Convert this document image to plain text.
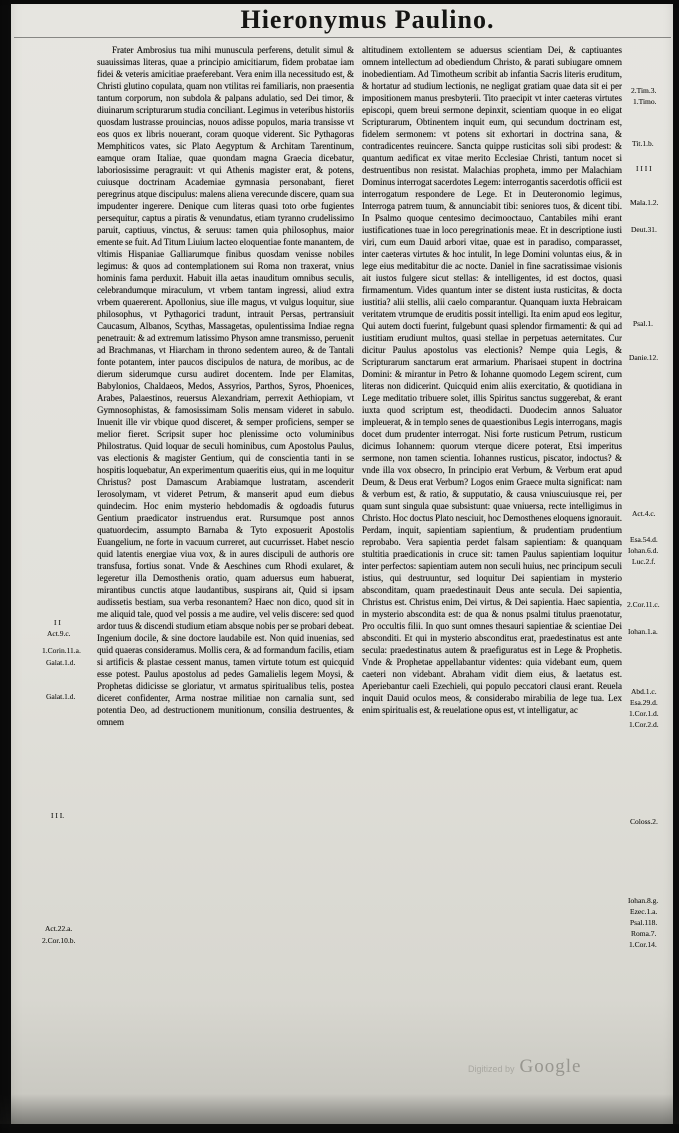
Hieronymus Paulino.
Frater Ambrosius tua mihi munuscula perferens, detulit simul & suauissimas literas, quae a principio amicitiarum, fidem probatae iam fidei & veteris amicitiae praeferebant. Vera enim illa necessitudo est, & Christi glutino copulata, quam non vtilitas rei familiaris, non praesentia tantum corporum, non subdola & palpans adulatio, sed Dei timor, & diuinarum scripturarum studia conciliant. Legimus in veteribus historiis quosdam lustrasse prouincias, nouos adisse populos, maria transisse vt eos quos ex libris nouerant, coram quoque viderent. Sic Pythagoras Memphiticos vates, sic Plato Aegyptum & Architam Tarentinum, eamque oram Italiae, quae quondam magna Graecia dicebatur, laboriosissime peragrauit: vt qui Athenis magister erat, & potens, cuiusque doctrinam Academiae gymnasia personabant, fieret peregrinus atque discipulus: malens aliena verecunde discere, quam sua impudenter ingerere. Denique cum literas quasi toto orbe fugientes persequitur, captus a piratis & venundatus, etiam tyranno crudelissimo paruit, captiuus, vinctus, & seruus: tamen quia philosophus, maior emente se fuit. Ad Titum Liuium lacteo eloquentiae fonte manantem, de vltimis Hispaniae Galliarumque finibus quosdam venisse nobiles legimus: & quos ad contemplationem sui Roma non traxerat, vnius hominis fama perduxit. Habuit illa aetas inauditum omnibus seculis, celebrandumque miraculum, vt vrbem tantam ingressi, aliud extra vrbem quaererent. Apollonius, siue ille magus, vt vulgus loquitur, siue philosophus, vt Pythagorici tradunt, intrauit Persas, pertransiuit Caucasum, Albanos, Scythas, Massagetas, opulentissima Indiae regna penetrauit: & ad extremum latissimo Physon amne transmisso, peruenit ad Brachmanas, vt Hiarcham in throno sedentem aureo, & de Tantali fonte potantem, inter paucos discipulos de natura, de moribus, ac de dierum siderumque cursu audiret docentem. Inde per Elamitas, Babylonios, Chaldaeos, Medos, Assyrios, Parthos, Syros, Phoenices, Arabes, Palaestinos, reuersus Alexandriam, perrexit Aethiopiam, vt Gymnosophistas, & famosissimam Solis mensam videret in sabulo. Inuenit ille vir vbique quod disceret, & semper proficiens, semper se melior fieret. Scripsit super hoc plenissime octo voluminibus Philostratus. Quid loquar de seculi hominibus, cum Apostolus Paulus, vas electionis & magister Gentium, qui de conscientia tanti in se hospitis loquebatur, An experimentum quaeritis eius, qui in me loquitur Christus? post Damascum Arabiamque lustratam, ascenderit Ierosolymam, vt videret Petrum, & manserit apud eum diebus quindecim. Hoc enim mysterio hebdomadis & ogdoadis futurus Gentium praedicator instruendus erat. Rursumque post annos quatuordecim, assumpto Barnaba & Tyto exposuerit Apostolis Euangelium, ne forte in vacuum curreret, aut cucurrisset. Habet nescio quid latentis energiae viua vox, & in aures discipuli de authoris ore transfusa, fortius sonat. Vnde & Aeschines cum Rhodi exularet, & legeretur illa Demosthenis oratio, quam aduersus eum habuerat, mirantibus cunctis atque laudantibus, suspirans ait, Quid si ipsam audissetis bestiam, sua verba resonantem? Haec non dico, quod sit in me aliquid tale, quod vel possis a me audire, vel velis discere: sed quod ardor tuus & discendi studium etiam absque nobis per se probari debeat. Ingenium docile, & sine doctore laudabile est. Non quid inuenias, sed quid quaeras consideramus. Mollis cera, & ad formandum facilis, etiam si artificis & plastae cessent manus, tamen virtute totum est quicquid esse potest. Paulus apostolus ad pedes Gamalielis legem Moysi, & Prophetas didicisse se gloriatur, vt armatus spiritualibus telis, postea diceret confidenter, Arma nostrae militiae non carnalia sunt, sed potentia Deo, ad destructionem munitionum, consilia destruentes, & omnem
altitudinem extollentem se aduersus scientiam Dei, & captiuantes omnem intellectum ad obediendum Christo, & parati subiugare omnem inobedientiam. Ad Timotheum scribit ab infantia Sacris literis eruditum, & hortatur ad studium lectionis, ne negligat gratiam quae data sit ei per impositionem manus presbyterii. Tito praecipit vt inter caeteras virtutes episcopi, quem breui sermone depinxit, scientiam quoque in eo eligat Scripturarum, Obtinentem inquit eum, qui secundum doctrinam est, fidelem sermonem: vt potens sit exhortari in doctrina sana, & contradicentes reuincere. Sancta quippe rusticitas soli sibi prodest: & quantum aedificat ex vitae merito Ecclesiae Christi, tantum nocet si destruentibus non resistat. Malachias propheta, immo per Malachiam Dominus interrogat sacerdotes Legem: interrogantis sacerdotis officii est interrogatum respondere de Lege. Et in Deuteronomio legimus, Interroga patrem tuum, & annunciabit tibi: seniores tuos, & dicent tibi. In Psalmo quoque centesimo decimooctauo, Cantabiles mihi erant iustificationes tuae in loco peregrinationis meae. Et in descriptione iusti viri, cum eum Dauid arbori vitae, quae est in paradiso, comparasset, inter caeteras virtutes & hoc intulit, In lege Domini voluntas eius, & in lege eius meditabitur die ac nocte. Daniel in fine sacratissimae visionis ait iustos fulgere sicut stellas: & intelligentes, id est doctos, quasi firmamentum. Vides quantum inter se distent iusta rusticitas, & docta iustitia? alii stellis, alii caelo comparantur. Quanquam iuxta Hebraicam veritatem vtrumque de eruditis possit intelligi. Ita enim apud eos legitur, Qui autem docti fuerint, fulgebunt quasi splendor firmamenti: & qui ad iustitiam erudiunt multos, quasi stellae in perpetuas aeternitates. Cur dicitur Paulus apostolus vas electionis? Nempe quia Legis, & Scripturarum sanctarum erat armarium. Pharisaei stupent in doctrina Domini: & mirantur in Petro & Iohanne quomodo Legem scirent, cum literas non didicerint. Quicquid enim aliis exercitatio, & quotidiana in Lege meditatio tribuere solet, illis Spiritus sanctus suggerebat, & erant iuxta quod scriptum est, theodidacti. Duodecim annos Saluator impleuerat, & in templo senes de quaestionibus Legis interrogans, magis docet dum prudenter interrogat. Nisi forte rusticum Petrum, rusticum dicimus Iohannem: quorum vterque dicere poterat, Etsi imperitus sermone, non tamen scientia. Iohannes rusticus, piscator, indoctus? & vnde illa vox obsecro, In principio erat Verbum, & Verbum erat apud Deum, & Deus erat Verbum? Logos enim Graece multa significat: nam & verbum est, & ratio, & supputatio, & causa vniuscuiusque rei, per quam sunt singula quae subsistunt: quae vniuersa, recte intelligimus in Christo. Hoc doctus Plato nesciuit, hoc Demosthenes eloquens ignorauit. Perdam, inquit, sapientiam sapientium, & prudentiam prudentium reprobabo. Vera sapientia perdet falsam sapientiam: & quanquam stultitia praedicationis in cruce sit: tamen Paulus sapientiam loquitur inter perfectos: sapientiam autem non seculi huius, nec principum seculi istius, qui destruuntur, sed loquitur Dei sapientiam in mysterio absconditam, quam praedestinauit Deus ante secula. Dei sapientia, Christus est. Christus enim, Dei virtus, & Dei sapientia. Haec sapientia, in mysterio abscondita est: de qua & nonus psalmi titulus praenotatur, Pro occultis filii. In quo sunt omnes thesauri sapientiae & scientiae Dei absconditi. Et qui in mysterio absconditus erat, praedestinatus est ante secula: praedestinatus autem & praefiguratus est in Lege & Prophetis. Vnde & Prophetae appellabantur videntes: quia videbant eum, quem caeteri non videbant. Abraham vidit diem eius, & laetatus est. Aperiebantur caeli Ezechieli, qui populo peccatori clausi erant. Reuela inquit Dauid oculos meos, & considerabo mirabilia de lege tua. Lex enim spiritualis est, & reuelatione opus est, vt intelligatur, ac
I I
Act.9.c.
1.Corin.11.a.
Galat.1.d.
Galat.1.d.
I I I.
Act.22.a.
2.Cor.10.b.
2.Tim.3.
1.Timo.
Tit.1.b.
I I I I
Mala.1.2.
Deut.31.
Psal.1.
Danie.12.
Act.4.c.
Esa.54.d.
Iohan.6.d.
Luc.2.f.
2.Cor.11.c.
Iohan.1.a.
Abd.1.c.
Esa.29.d.
1.Cor.1.d.
1.Cor.2.d.
Coloss.2.
Iohan.8.g.
Ezec.1.a.
Psal.118.
Roma.7.
1.Cor.14.
Digitized by Google
